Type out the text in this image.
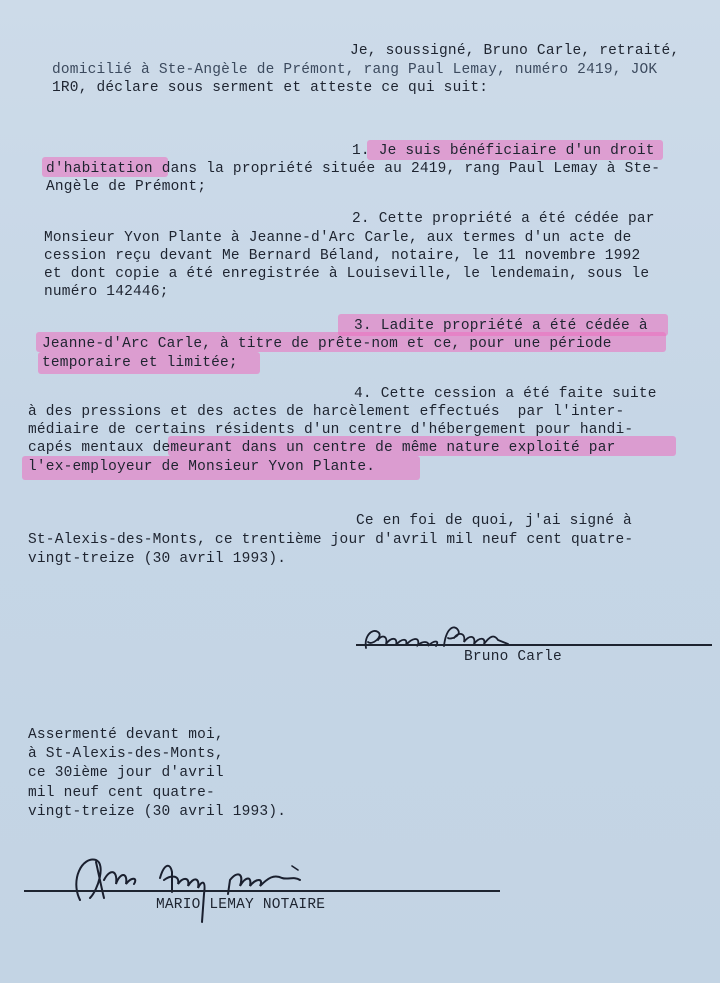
Je, soussigné, Bruno Carle, retraité,
domicilié à Ste-Angèle de Prémont, rang Paul Lemay, numéro 2419, JOK
1R0, déclare sous serment et atteste ce qui suit:
1. Je suis bénéficiaire d'un droit
d'habitation dans la propriété située au 2419, rang Paul Lemay à Ste-
Angèle de Prémont;
2. Cette propriété a été cédée par
Monsieur Yvon Plante à Jeanne-d'Arc Carle, aux termes d'un acte de
cession reçu devant Me Bernard Béland, notaire, le 11 novembre 1992
et dont copie a été enregistrée à Louiseville, le lendemain, sous le
numéro 142446;
3. Ladite propriété a été cédée à
Jeanne-d'Arc Carle, à titre de prête-nom et ce, pour une période
temporaire et limitée;
4. Cette cession a été faite suite
à des pressions et des actes de harcèlement effectués  par l'inter-
médiaire de certains résidents d'un centre d'hébergement pour handi-
capés mentaux demeurant dans un centre de même nature exploité par
l'ex-employeur de Monsieur Yvon Plante.
Ce en foi de quoi, j'ai signé à
St-Alexis-des-Monts, ce trentième jour d'avril mil neuf cent quatre-
vingt-treize (30 avril 1993).
Bruno Carle
Assermenté devant moi,
à St-Alexis-des-Monts,
ce 30ième jour d'avril
mil neuf cent quatre-
vingt-treize (30 avril 1993).
MARIO LEMAY NOTAIRE
